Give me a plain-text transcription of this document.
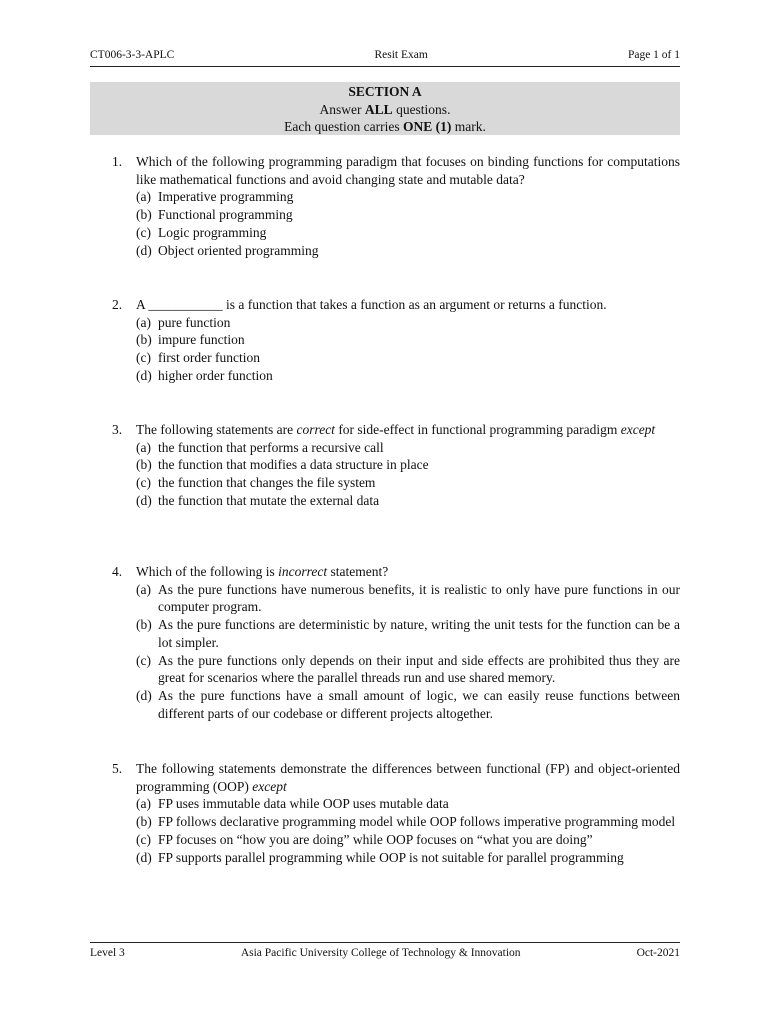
CT006-3-3-APLC	Resit Exam	Page 1 of 1
SECTION A
Answer ALL questions.
Each question carries ONE (1) mark.
1. Which of the following programming paradigm that focuses on binding functions for computations like mathematical functions and avoid changing state and mutable data?
(a) Imperative programming
(b) Functional programming
(c) Logic programming
(d) Object oriented programming
2. A ___________ is a function that takes a function as an argument or returns a function.
(a) pure function
(b) impure function
(c) first order function
(d) higher order function
3. The following statements are correct for side-effect in functional programming paradigm except
(a) the function that performs a recursive call
(b) the function that modifies a data structure in place
(c) the function that changes the file system
(d) the function that mutate the external data
4. Which of the following is incorrect statement?
(a) As the pure functions have numerous benefits, it is realistic to only have pure functions in our computer program.
(b) As the pure functions are deterministic by nature, writing the unit tests for the function can be a lot simpler.
(c) As the pure functions only depends on their input and side effects are prohibited thus they are great for scenarios where the parallel threads run and use shared memory.
(d) As the pure functions have a small amount of logic, we can easily reuse functions between different parts of our codebase or different projects altogether.
5. The following statements demonstrate the differences between functional (FP) and object-oriented programming (OOP) except
(a) FP uses immutable data while OOP uses mutable data
(b) FP follows declarative programming model while OOP follows imperative programming model
(c) FP focuses on “how you are doing” while OOP focuses on “what you are doing”
(d) FP supports parallel programming while OOP is not suitable for parallel programming
Level 3	Asia Pacific University College of Technology & Innovation	Oct-2021
